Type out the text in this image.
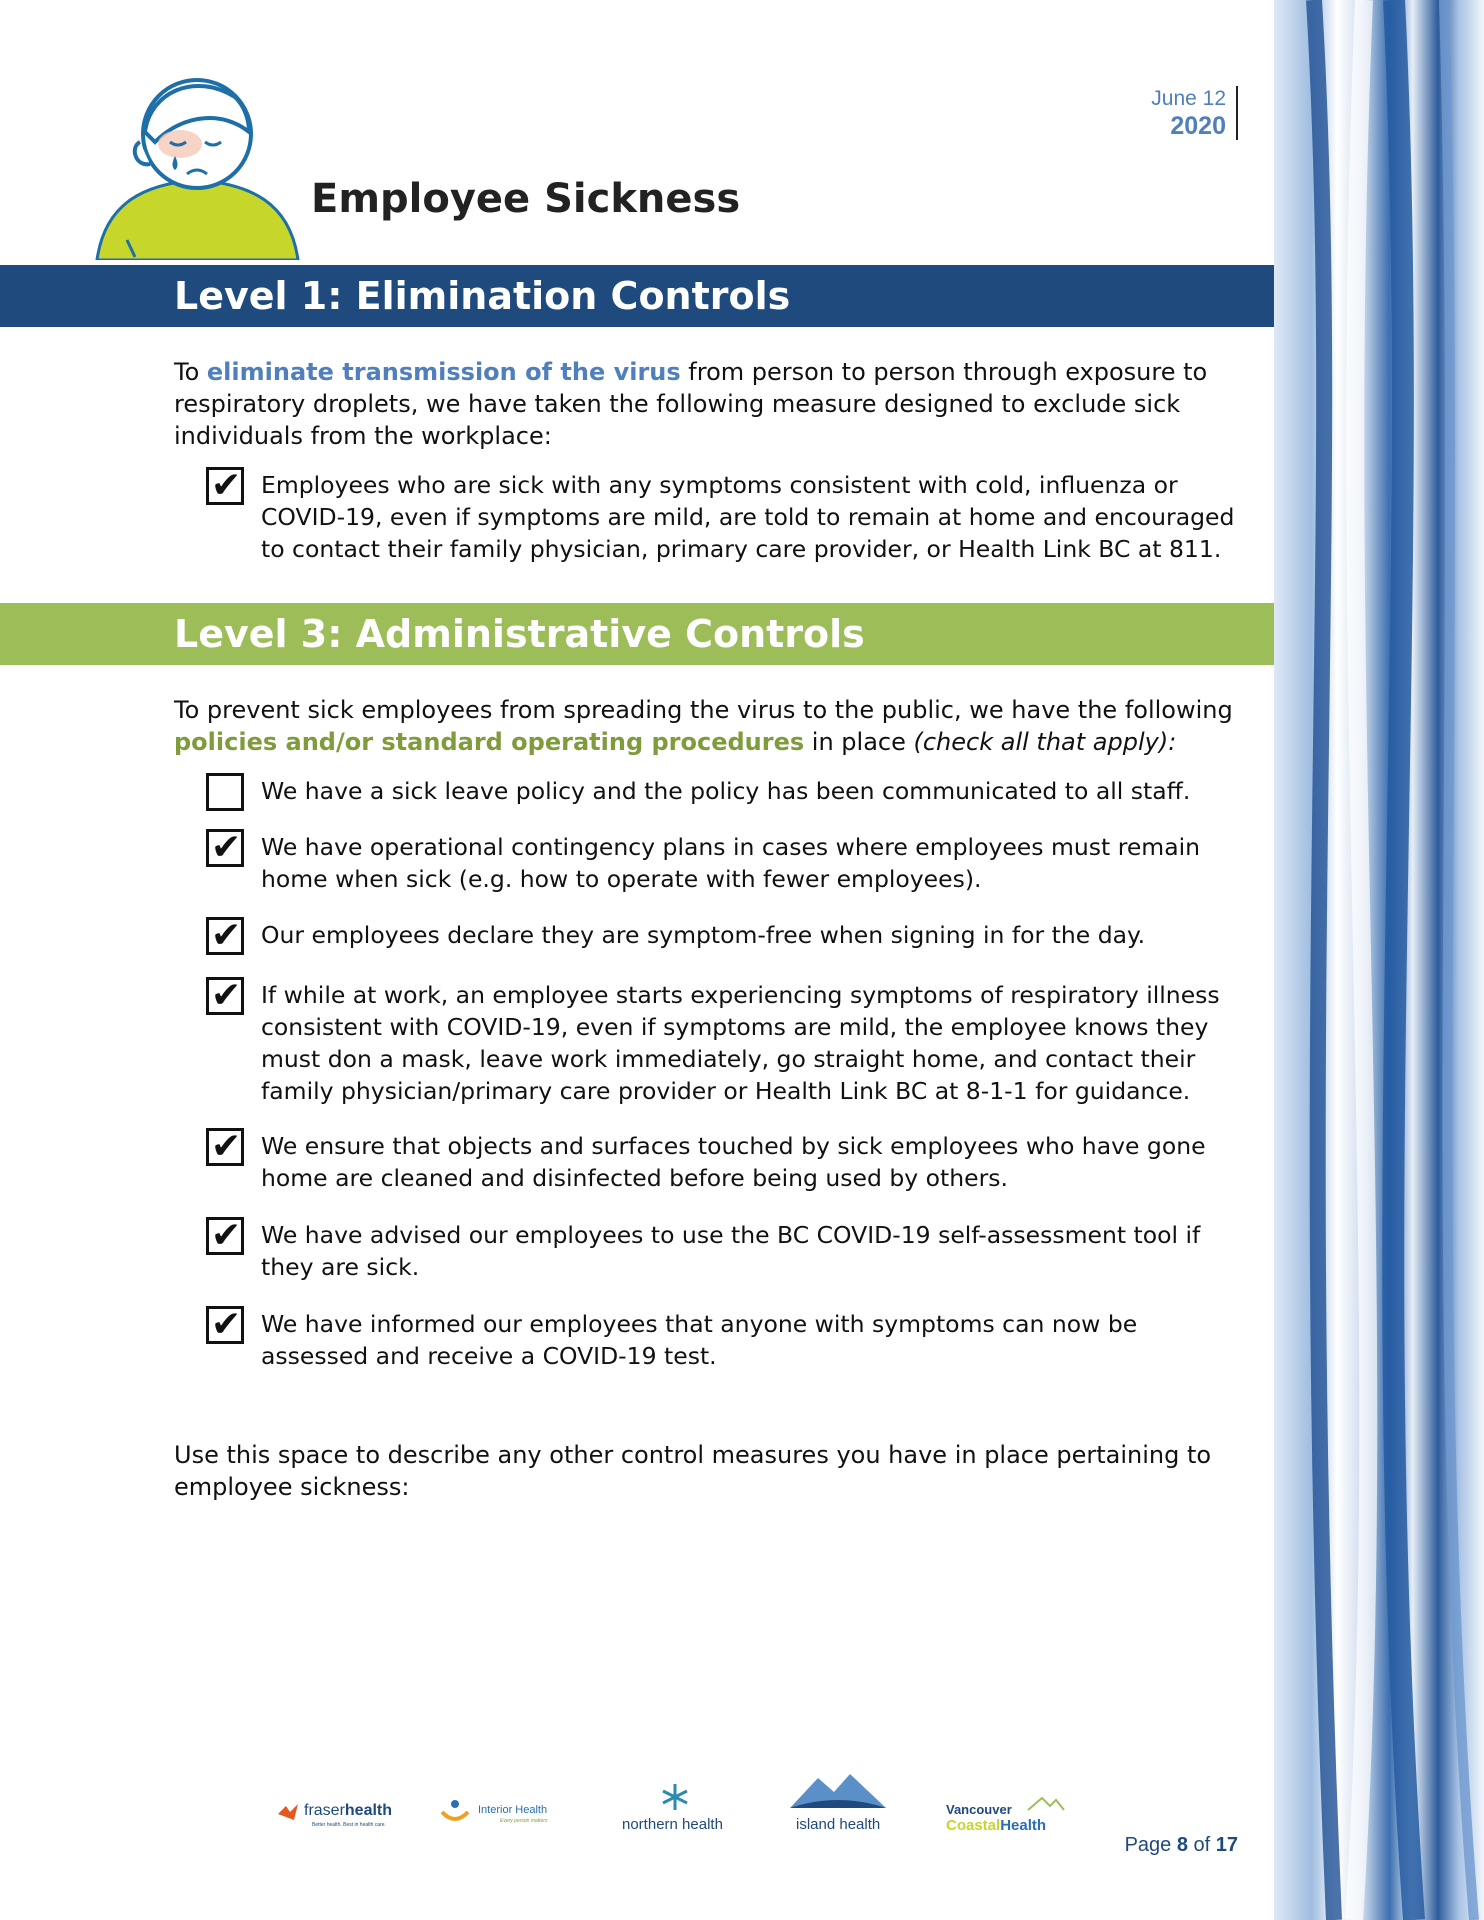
June 12
2020
Employee Sickness
Level 1: Elimination Controls

To eliminate transmission of the virus from person to person through exposure to respiratory droplets, we have taken the following measure designed to exclude sick individuals from the workplace:

✔ Employees who are sick with any symptoms consistent with cold, influenza or COVID-19, even if symptoms are mild, are told to remain at home and encouraged to contact their family physician, primary care provider, or Health Link BC at 811.

Level 3: Administrative Controls

To prevent sick employees from spreading the virus to the public, we have the following policies and/or standard operating procedures in place (check all that apply):

We have a sick leave policy and the policy has been communicated to all staff.

✔ We have operational contingency plans in cases where employees must remain home when sick (e.g. how to operate with fewer employees).

✔ Our employees declare they are symptom-free when signing in for the day.

✔ If while at work, an employee starts experiencing symptoms of respiratory illness consistent with COVID-19, even if symptoms are mild, the employee knows they must don a mask, leave work immediately, go straight home, and contact their family physician/primary care provider or Health Link BC at 8-1-1 for guidance.

✔ We ensure that objects and surfaces touched by sick employees who have gone home are cleaned and disinfected before being used by others.

✔ We have advised our employees to use the BC COVID-19 self-assessment tool if they are sick.

✔ We have informed our employees that anyone with symptoms can now be assessed and receive a COVID-19 test.

Use this space to describe any other control measures you have in place pertaining to employee sickness:

fraserhealth
Better health. Best in health care.
Interior Health
Every person matters	northern health	island health
Vancouver
CoastalHealth
Page 8 of 17
